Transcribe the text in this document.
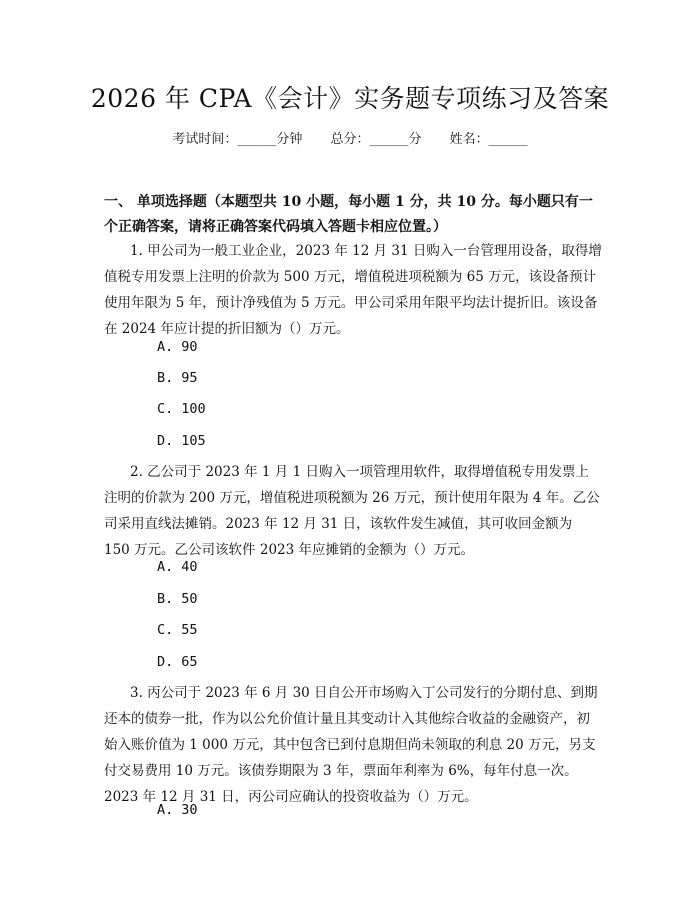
2026 年 CPA《会计》实务题专项练习及答案
考试时间：______分钟 总分：______分 姓名：______
一、 单项选择题（本题型共 10 小题，每小题 1 分，共 10 分。每小题只有一个正确答案，请将正确答案代码填入答题卡相应位置。）
1. 甲公司为一般工业企业，2023 年 12 月 31 日购入一台管理用设备，取得增值税专用发票上注明的价款为 500 万元，增值税进项税额为 65 万元，该设备预计使用年限为 5 年，预计净残值为 5 万元。甲公司采用年限平均法计提折旧。该设备在 2024 年应计提的折旧额为（）万元。
A. 90
B. 95
C. 100
D. 105
2. 乙公司于 2023 年 1 月 1 日购入一项管理用软件，取得增值税专用发票上注明的价款为 200 万元，增值税进项税额为 26 万元，预计使用年限为 4 年。乙公司采用直线法摊销。2023 年 12 月 31 日，该软件发生减值，其可收回金额为 150 万元。乙公司该软件 2023 年应摊销的金额为（）万元。
A. 40
B. 50
C. 55
D. 65
3. 丙公司于 2023 年 6 月 30 日自公开市场购入丁公司发行的分期付息、到期还本的债券一批，作为以公允价值计量且其变动计入其他综合收益的金融资产，初始入账价值为 1 000 万元，其中包含已到付息期但尚未领取的利息 20 万元，另支付交易费用 10 万元。该债券期限为 3 年，票面年利率为 6%，每年付息一次。2023 年 12 月 31 日，丙公司应确认的投资收益为（）万元。
A. 30
